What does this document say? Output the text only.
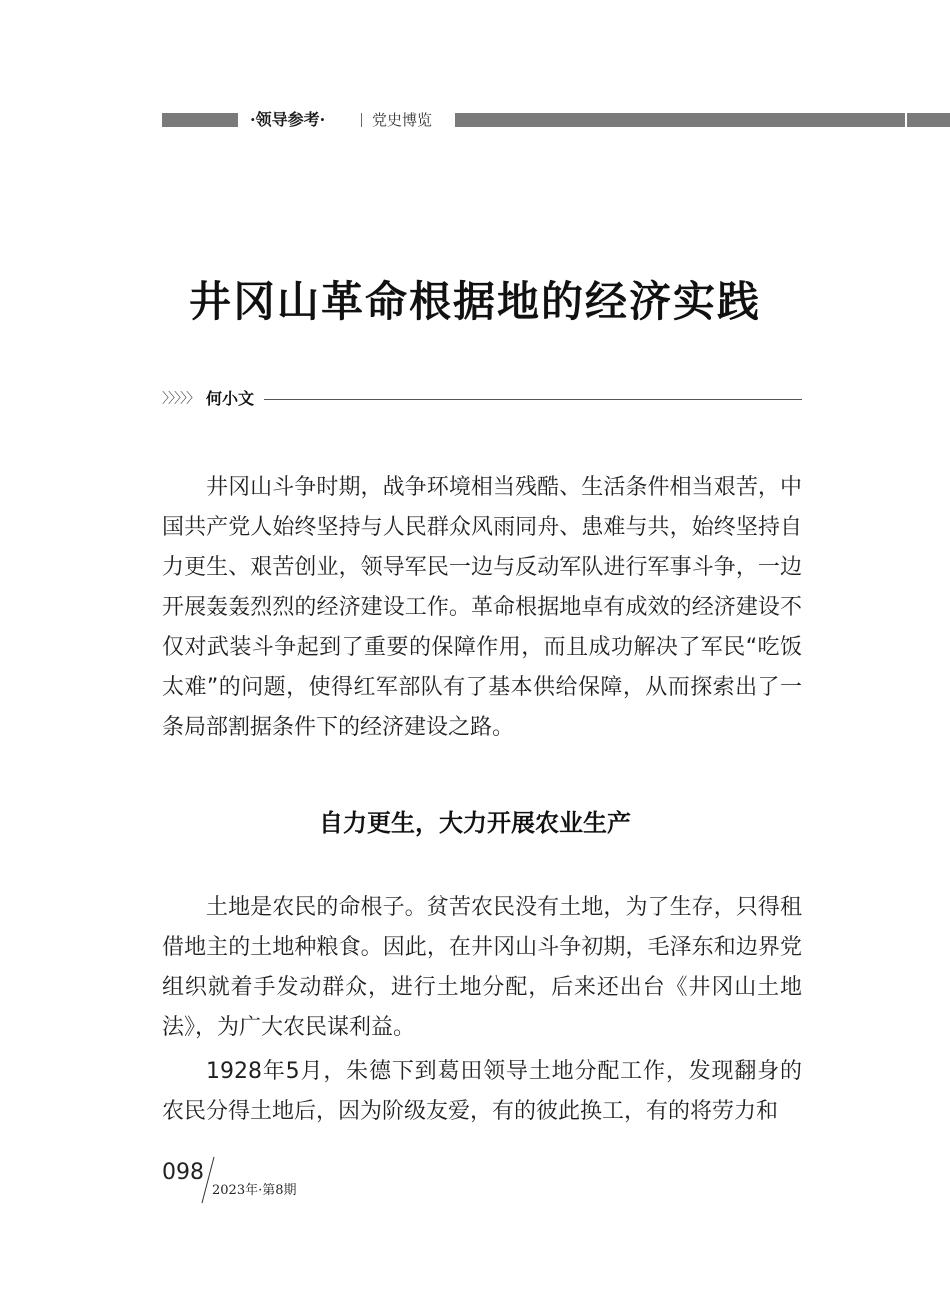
·领导参考·	党史博览
井冈山革命根据地的经济实践
〉〉〉〉〉 何小文

井冈山斗争时期，战争环境相当残酷、生活条件相当艰苦，中国共产党人始终坚持与人民群众风雨同舟、患难与共，始终坚持自力更生、艰苦创业，领导军民一边与反动军队进行军事斗争，一边开展轰轰烈烈的经济建设工作。革命根据地卓有成效的经济建设不仅对武装斗争起到了重要的保障作用，而且成功解决了军民“吃饭太难”的问题，使得红军部队有了基本供给保障，从而探索出了一条局部割据条件下的经济建设之路。

自力更生，大力开展农业生产

土地是农民的命根子。贫苦农民没有土地，为了生存，只得租借地主的土地种粮食。因此，在井冈山斗争初期，毛泽东和边界党组织就着手发动群众，进行土地分配，后来还出台《井冈山土地法》，为广大农民谋利益。

1928年5月，朱德下到葛田领导土地分配工作，发现翻身的农民分得土地后，因为阶级友爱，有的彼此换工，有的将劳力和

098
2023年·第8期
